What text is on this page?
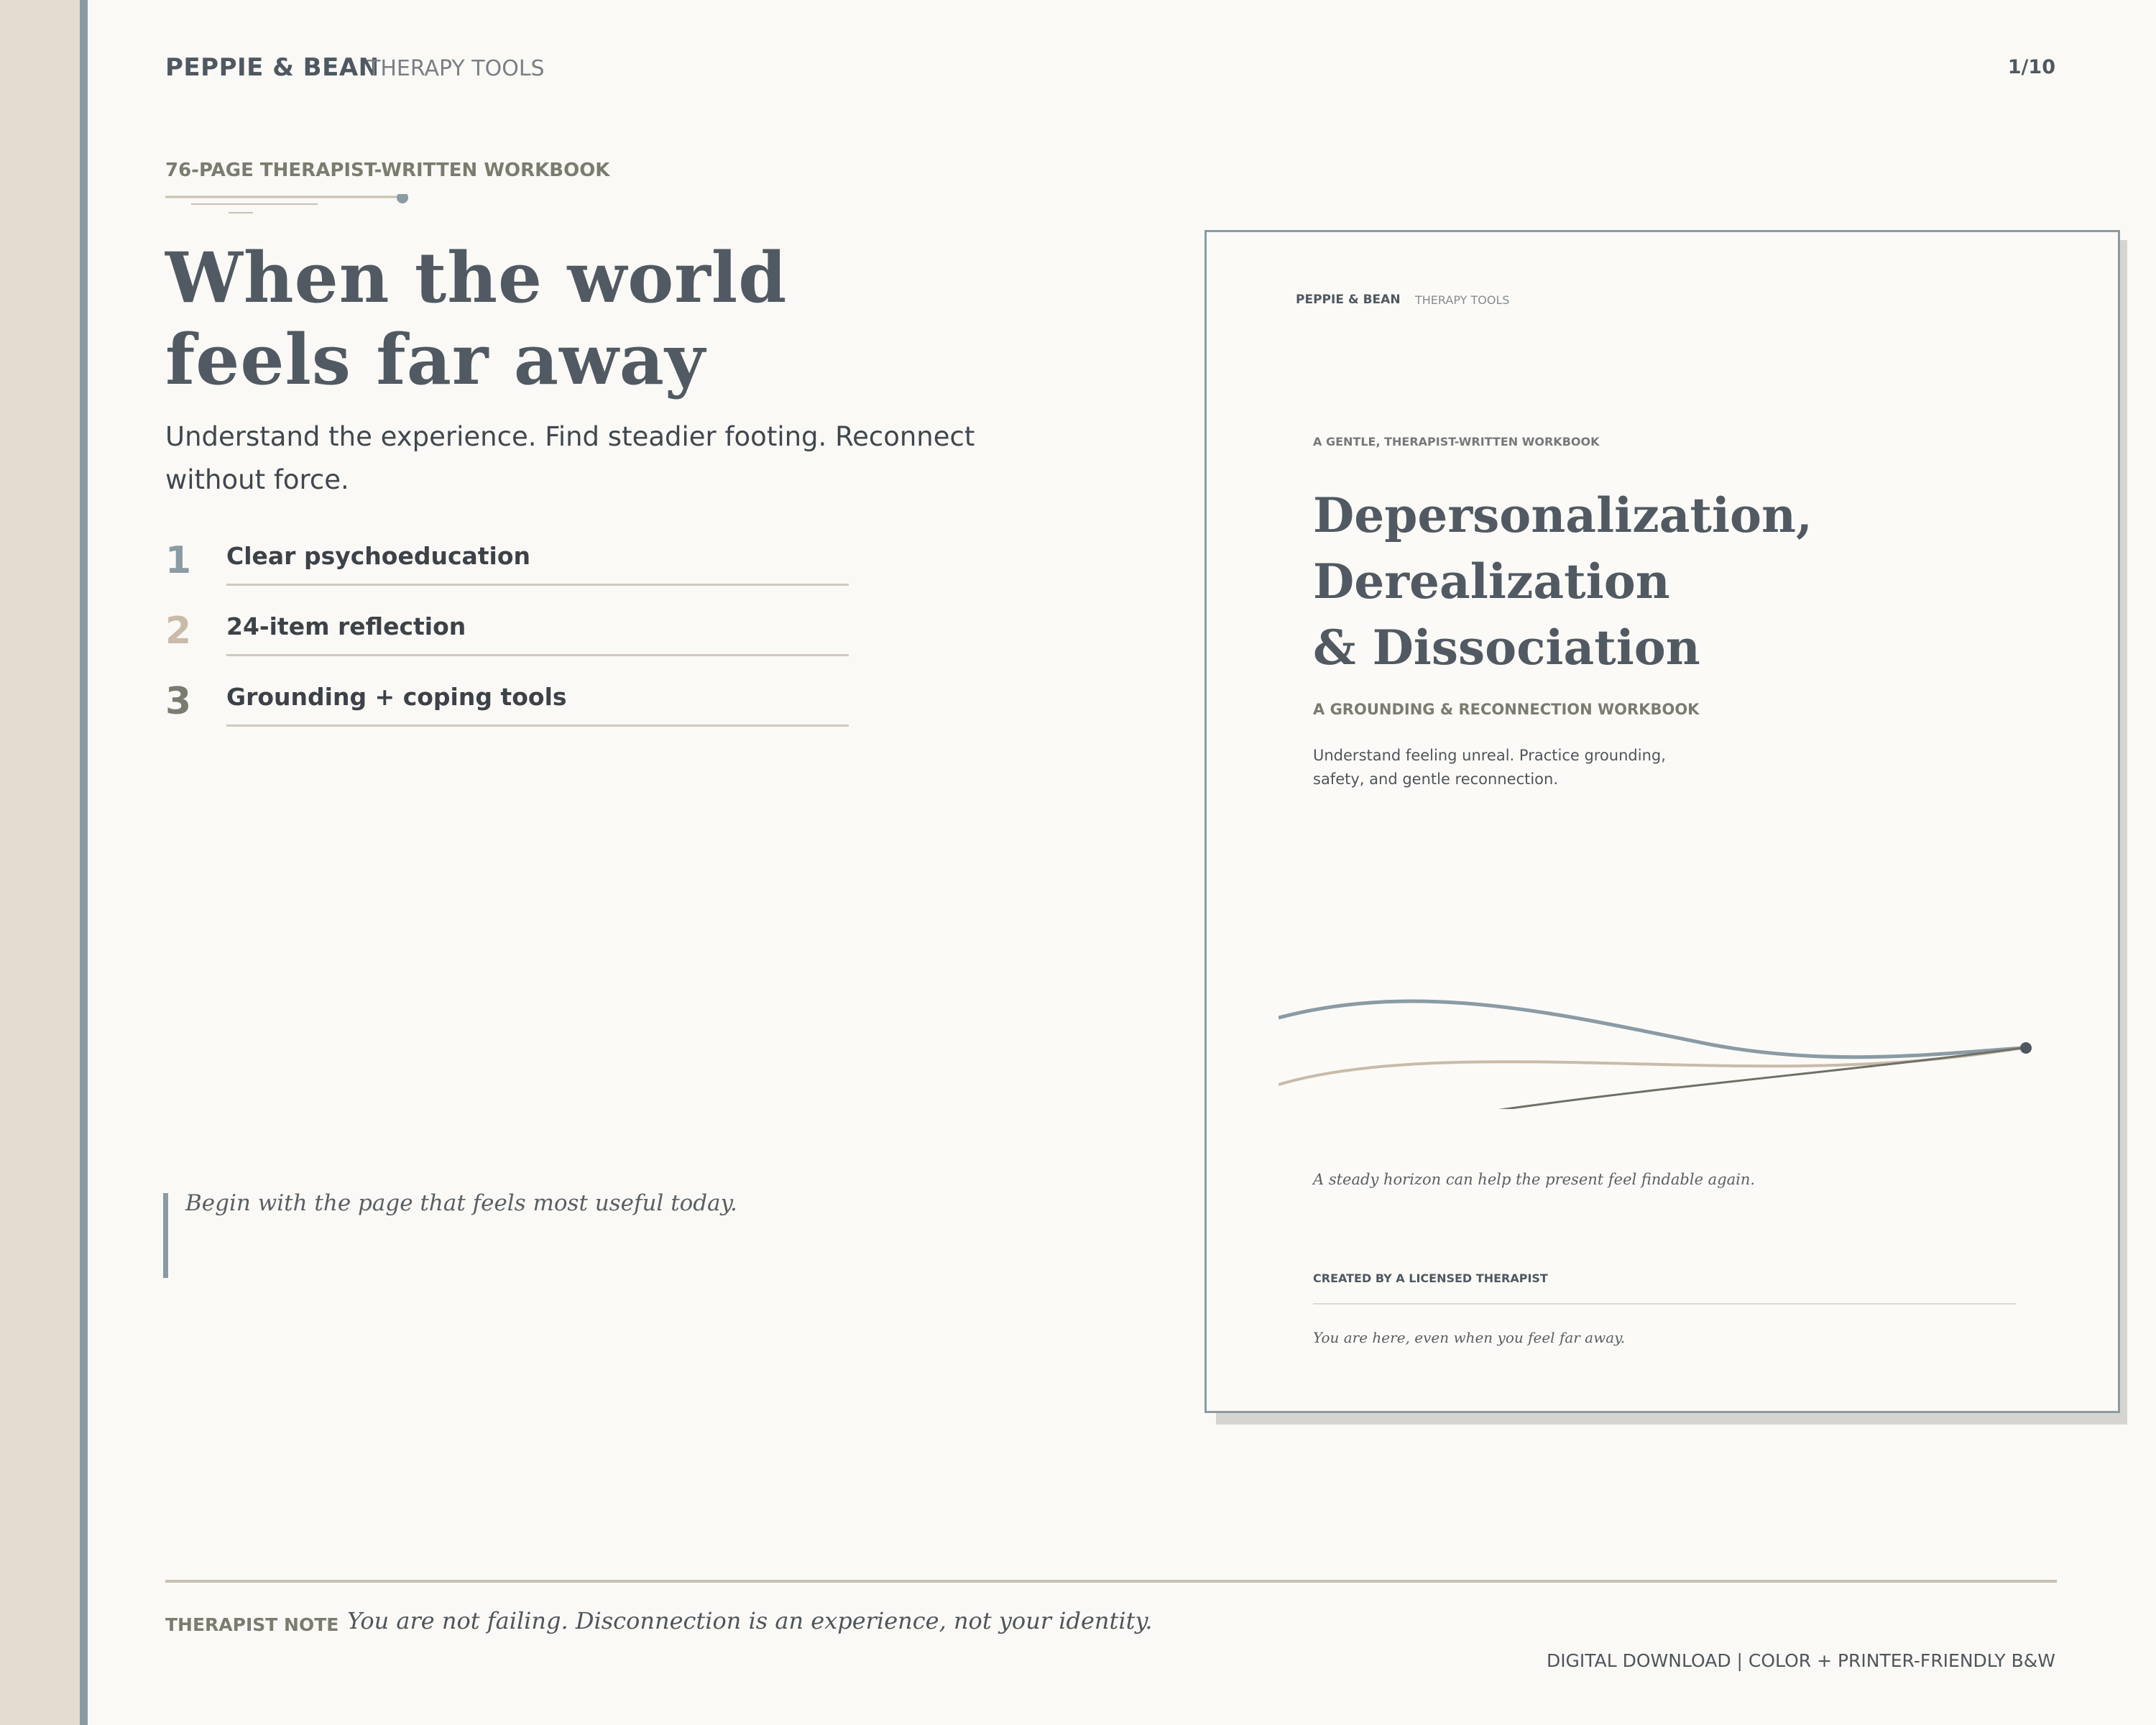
PEPPIE & BEAN
THERAPY TOOLS	1/10
76-PAGE THERAPIST-WRITTEN WORKBOOK
When the world
feels far away

Understand the experience. Find steadier footing. Reconnect without force.

1 Clear psychoeducation
2 24-item reflection
3 Grounding + coping tools
Begin with the page that feels most useful today.
PEPPIE & BEAN THERAPY TOOLS
A GENTLE, THERAPIST-WRITTEN WORKBOOK
Depersonalization,
Derealization
& Dissociation
A GROUNDING & RECONNECTION WORKBOOK
Understand feeling unreal. Practice grounding, safety, and gentle reconnection.
A steady horizon can help the present feel findable again.
CREATED BY A LICENSED THERAPIST
You are here, even when you feel far away.
THERAPIST NOTE You are not failing. Disconnection is an experience, not your identity.
DIGITAL DOWNLOAD | COLOR + PRINTER-FRIENDLY B&W
